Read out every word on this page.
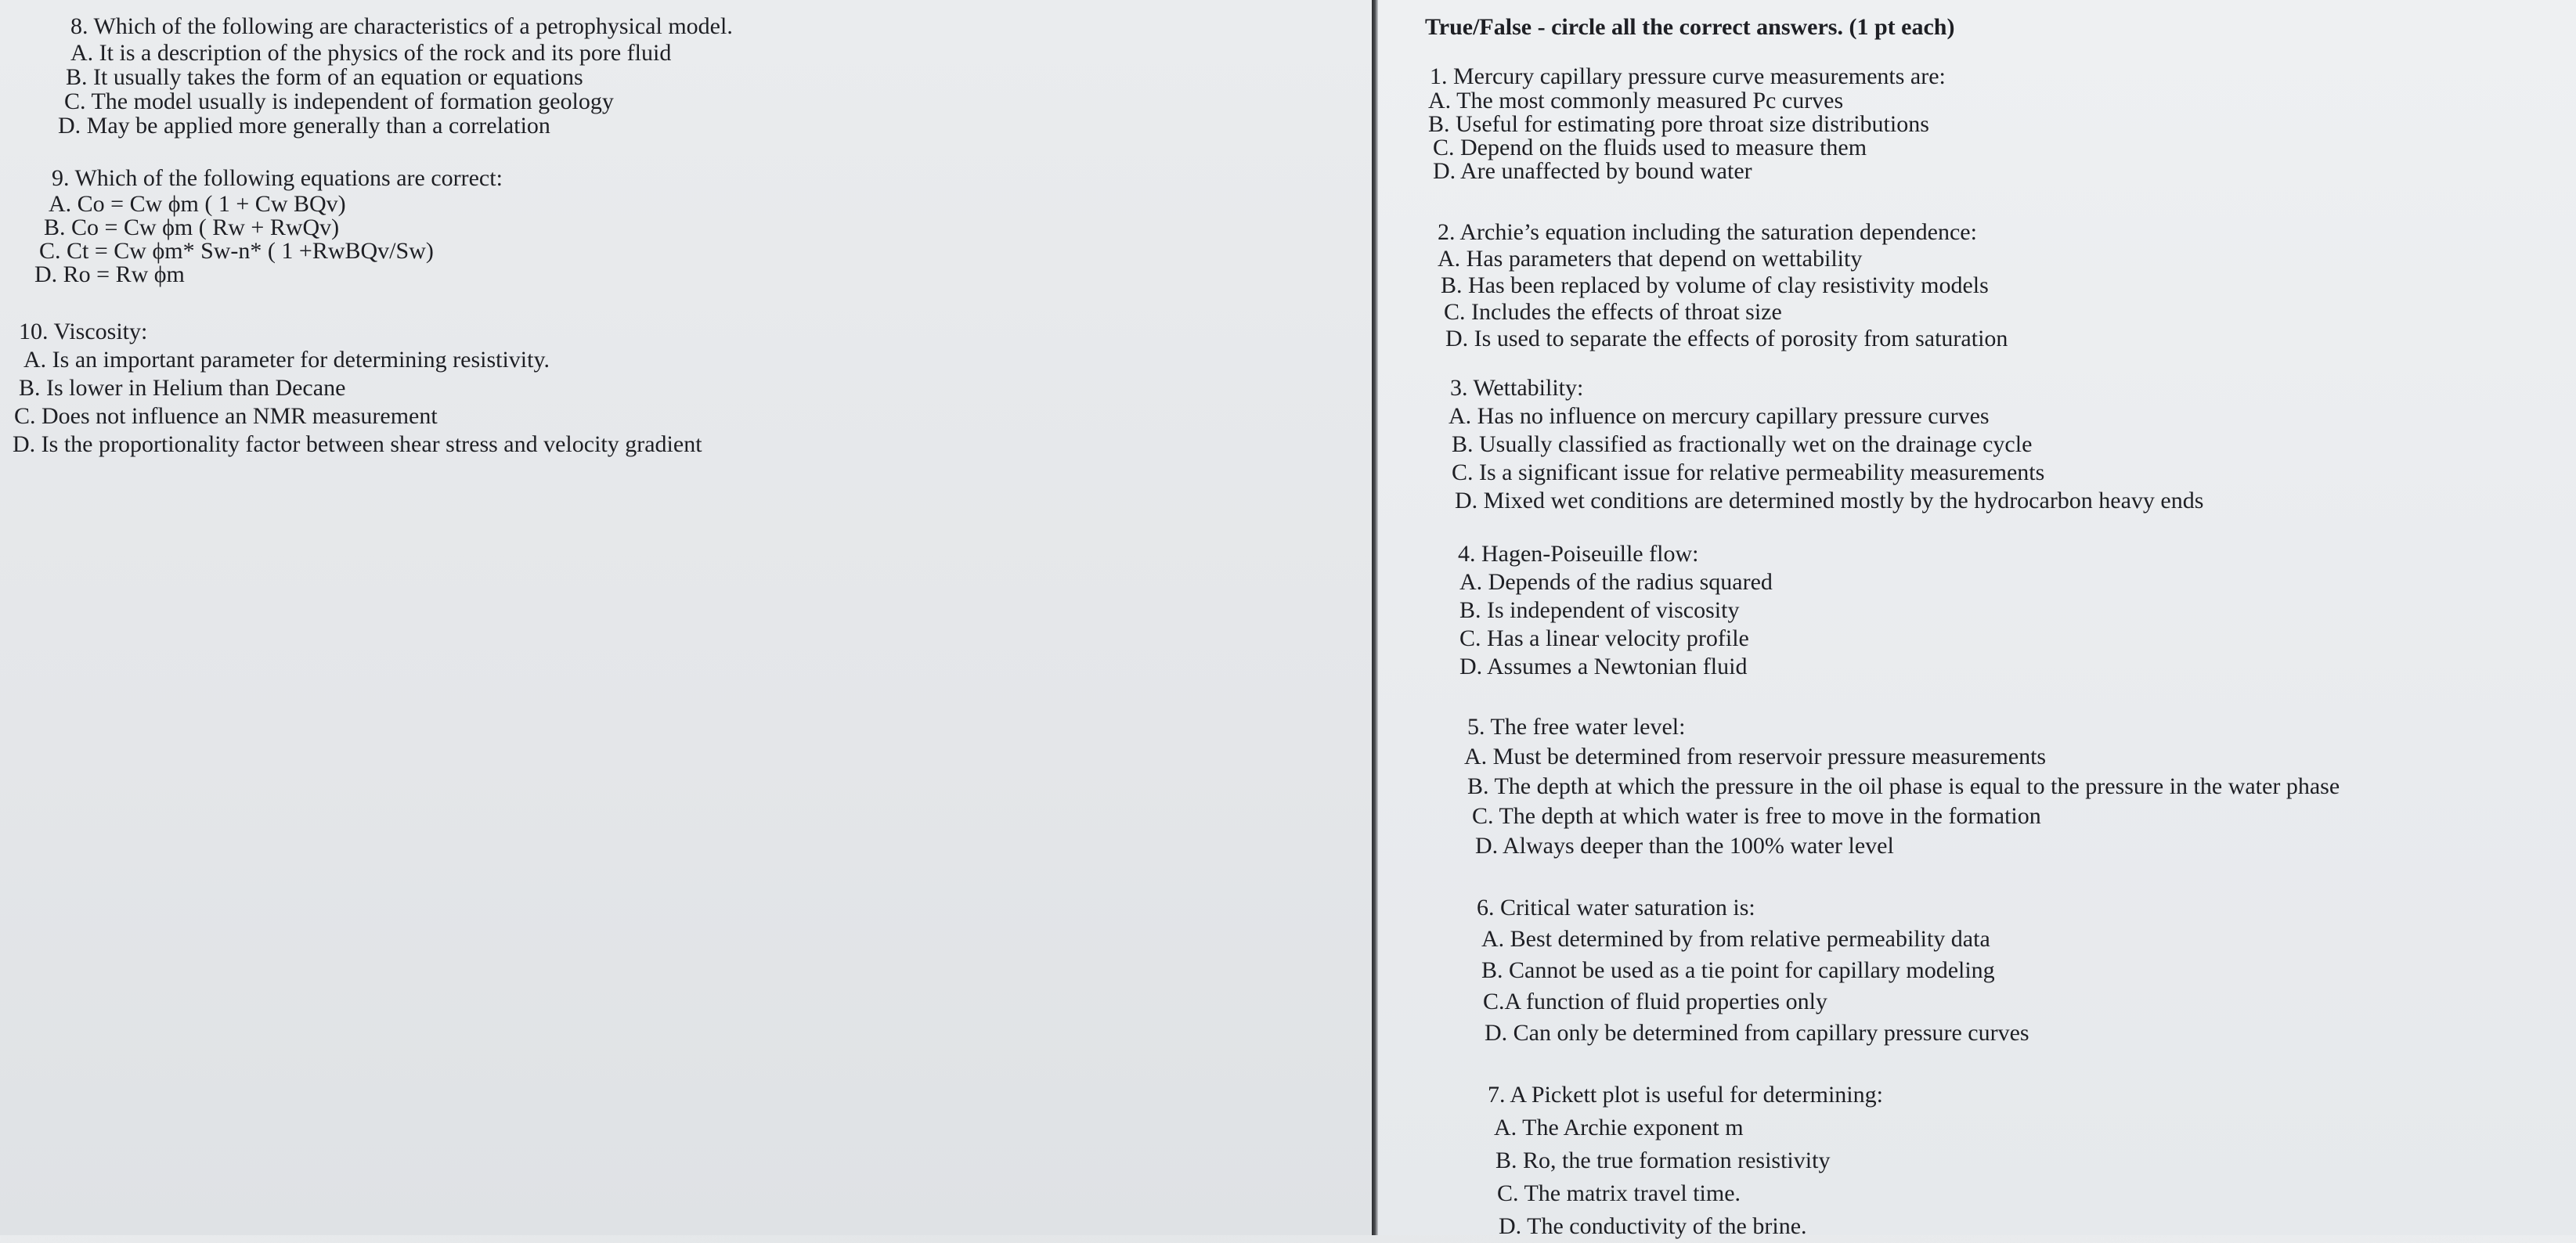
8. Which of the following are characteristics of a petrophysical model.
A. It is a description of the physics of the rock and its pore fluid
B. It usually takes the form of an equation or equations
C. The model usually is independent of formation geology
D. May be applied more generally than a correlation
9. Which of the following equations are correct:
A. Co = Cw ϕm ( 1 + Cw BQv)
B. Co = Cw ϕm ( Rw + RwQv)
C. Ct = Cw ϕm* Sw-n* ( 1 +RwBQv/Sw)
D. Ro = Rw ϕm
10. Viscosity:
A. Is an important parameter for determining resistivity.
B. Is lower in Helium than Decane
C. Does not influence an NMR measurement
D. Is the proportionality factor between shear stress and velocity gradient
True/False - circle all the correct answers. (1 pt each)
1. Mercury capillary pressure curve measurements are:
A. The most commonly measured Pc curves
B. Useful for estimating pore throat size distributions
C. Depend on the fluids used to measure them
D. Are unaffected by bound water
2. Archie’s equation including the saturation dependence:
A. Has parameters that depend on wettability
B. Has been replaced by volume of clay resistivity models
C. Includes the effects of throat size
D. Is used to separate the effects of porosity from saturation
3. Wettability:
A. Has no influence on mercury capillary pressure curves
B. Usually classified as fractionally wet on the drainage cycle
C. Is a significant issue for relative permeability measurements
D. Mixed wet conditions are determined mostly by the hydrocarbon heavy ends
4. Hagen-Poiseuille flow:
A. Depends of the radius squared
B. Is independent of viscosity
C. Has a linear velocity profile
D. Assumes a Newtonian fluid
5. The free water level:
A. Must be determined from reservoir pressure measurements
B. The depth at which the pressure in the oil phase is equal to the pressure in the water phase
C. The depth at which water is free to move in the formation
D. Always deeper than the 100% water level
6. Critical water saturation is:
A. Best determined by from relative permeability data
B. Cannot be used as a tie point for capillary modeling
C.A function of fluid properties only
D. Can only be determined from capillary pressure curves
7. A Pickett plot is useful for determining:
A. The Archie exponent m
B. Ro, the true formation resistivity
C. The matrix travel time.
D. The conductivity of the brine.
